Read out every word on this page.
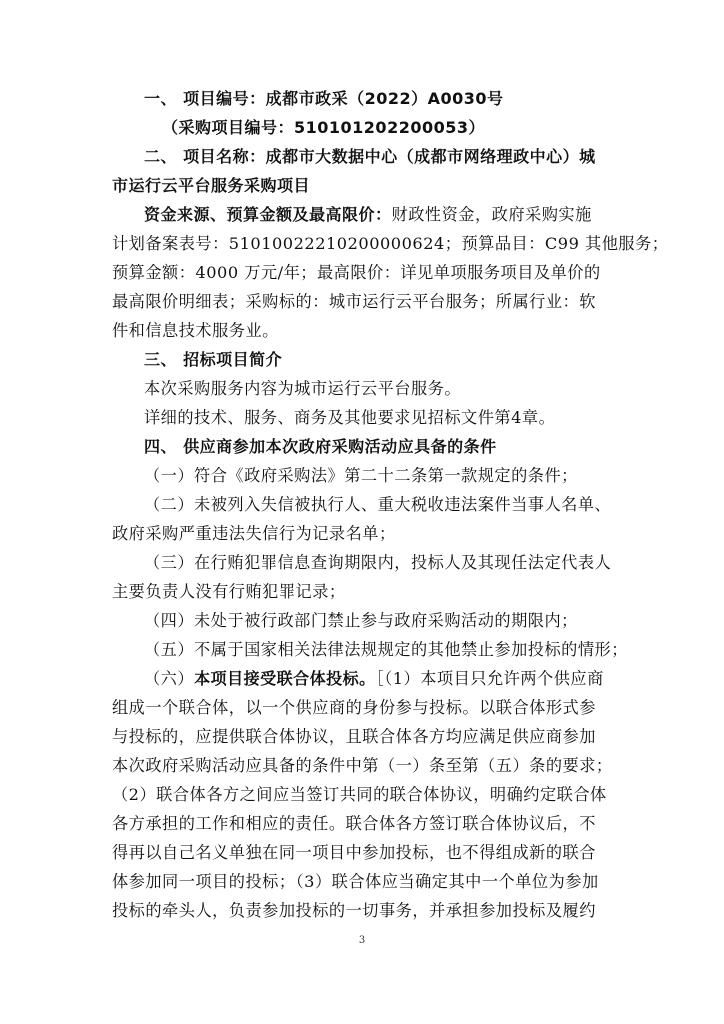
一、 项目编号：成都市政采（2022）A0030号
（采购项目编号：510101202200053）
二、 项目名称：成都市大数据中心（成都市网络理政中心）城
市运行云平台服务采购项目
资金来源、预算金额及最高限价：财政性资金，政府采购实施
计划备案表号：51010022210200000624；预算品目：C99 其他服务；
预算金额：4000 万元/年；最高限价：详见单项服务项目及单价的
最高限价明细表；采购标的：城市运行云平台服务；所属行业：软
件和信息技术服务业。
三、 招标项目简介
本次采购服务内容为城市运行云平台服务。
详细的技术、服务、商务及其他要求见招标文件第4章。
四、 供应商参加本次政府采购活动应具备的条件
（一）符合《政府采购法》第二十二条第一款规定的条件；
（二）未被列入失信被执行人、重大税收违法案件当事人名单、
政府采购严重违法失信行为记录名单；
（三）在行贿犯罪信息查询期限内，投标人及其现任法定代表人
主要负责人没有行贿犯罪记录；
（四）未处于被行政部门禁止参与政府采购活动的期限内；
（五）不属于国家相关法律法规规定的其他禁止参加投标的情形；
（六）本项目接受联合体投标。［（1）本项目只允许两个供应商
组成一个联合体，以一个供应商的身份参与投标。以联合体形式参
与投标的，应提供联合体协议，且联合体各方均应满足供应商参加
本次政府采购活动应具备的条件中第（一）条至第（五）条的要求；
（2）联合体各方之间应当签订共同的联合体协议，明确约定联合体
各方承担的工作和相应的责任。联合体各方签订联合体协议后，不
得再以自己名义单独在同一项目中参加投标，也不得组成新的联合
体参加同一项目的投标；（3）联合体应当确定其中一个单位为参加
投标的牵头人，负责参加投标的一切事务，并承担参加投标及履约
3
